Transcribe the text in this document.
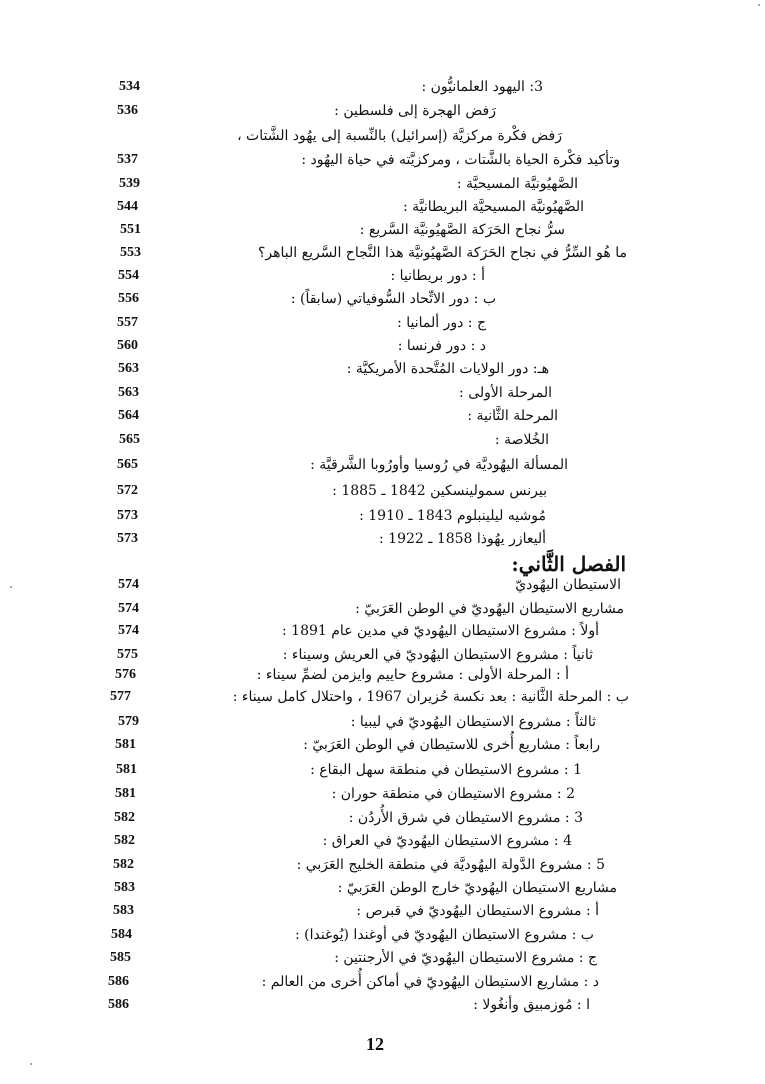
3: اليهود العلمانيُّون :
534
رَفض الهجرة إلى فلسطين :
536
رَفض فكْرة مركزيَّة (إسرائيل) بالنِّسبة إلى يهُود الشَّتات ،
وتأكيد فكْرة الحياة بالشَّتات ، ومركزيَّته في حياة اليهُود :
537
الصَّهيُونيَّة المسيحيَّة :
539
الصَّهيُونيَّة المسيحيَّة البريطانيَّة :
544
سرُّ نجاح الحَرَكة الصَّهيُونيَّة السَّريع :
551
ما هُو السِّرُّ في نجاح الحَرَكة الصَّهيُونيَّة هذا النَّجاح السَّريع الباهر؟
553
أ : دور بريطانيا :
554
ب : دور الاتِّحاد السُّوفياتي (سابقاً) :
556
ج : دور ألمانيا :
557
د : دور فرنسا :
560
هـ: دور الولايات المُتَّحدة الأمريكيَّة :
563
المرحلة الأولى :
563
المرحلة الثَّانية :
564
الخُلاصة :
565
المسألة اليهُوديَّة في رُوسيا وأورُوبا الشَّرقيَّة :
565
بيرنس سمولينسكين 1842 ـ 1885 :
572
مُوشيه ليلينبلوم 1843 ـ 1910 :
573
أليعازر يهُوذا 1858 ـ 1922 :
573
الفصل الثَّاني:
الاستيطان اليهُوديّ
574
مشاريع الاستيطان اليهُوديّ في الوطن العَرَبيّ :
574
أولاً : مشروع الاستيطان اليهُوديّ في مدين عام 1891 :
574
ثانياً : مشروع الاستيطان اليهُوديّ في العريش وسيناء :
575
أ : المرحلة الأولى : مشروع حاييم وايزمن لضمِّ سيناء :
576
ب : المرحلة الثَّانية : بعد نكسة حُزيران 1967 ، واحتلال كامل سيناء :
577
ثالثاً : مشروع الاستيطان اليهُوديّ في ليبيا :
579
رابعاً : مشاريع أُخرى للاستيطان في الوطن العَرَبيّ :
581
1 : مشروع الاستيطان في منطقة سهل البقاع :
581
2 : مشروع الاستيطان في منطقة حوران :
581
3 : مشروع الاستيطان في شرق الأُردُن :
582
4 : مشروع الاستيطان اليهُوديّ في العراق :
582
5 : مشروع الدَّولة اليهُوديَّة في منطقة الخليج العَرَبي :
582
مشاريع الاستيطان اليهُوديّ خارج الوطن العَرَبيّ :
583
أ : مشروع الاستيطان اليهُوديّ في قبرص :
583
ب : مشروع الاستيطان اليهُوديّ في أوغندا (يُوغندا) :
584
ج : مشروع الاستيطان اليهُوديّ في الأرجنتين :
585
د : مشاريع الاستيطان اليهُوديّ في أماكن أُخرى من العالم :
586
ا : مُوزمبيق وأنغُولا :
586
12
